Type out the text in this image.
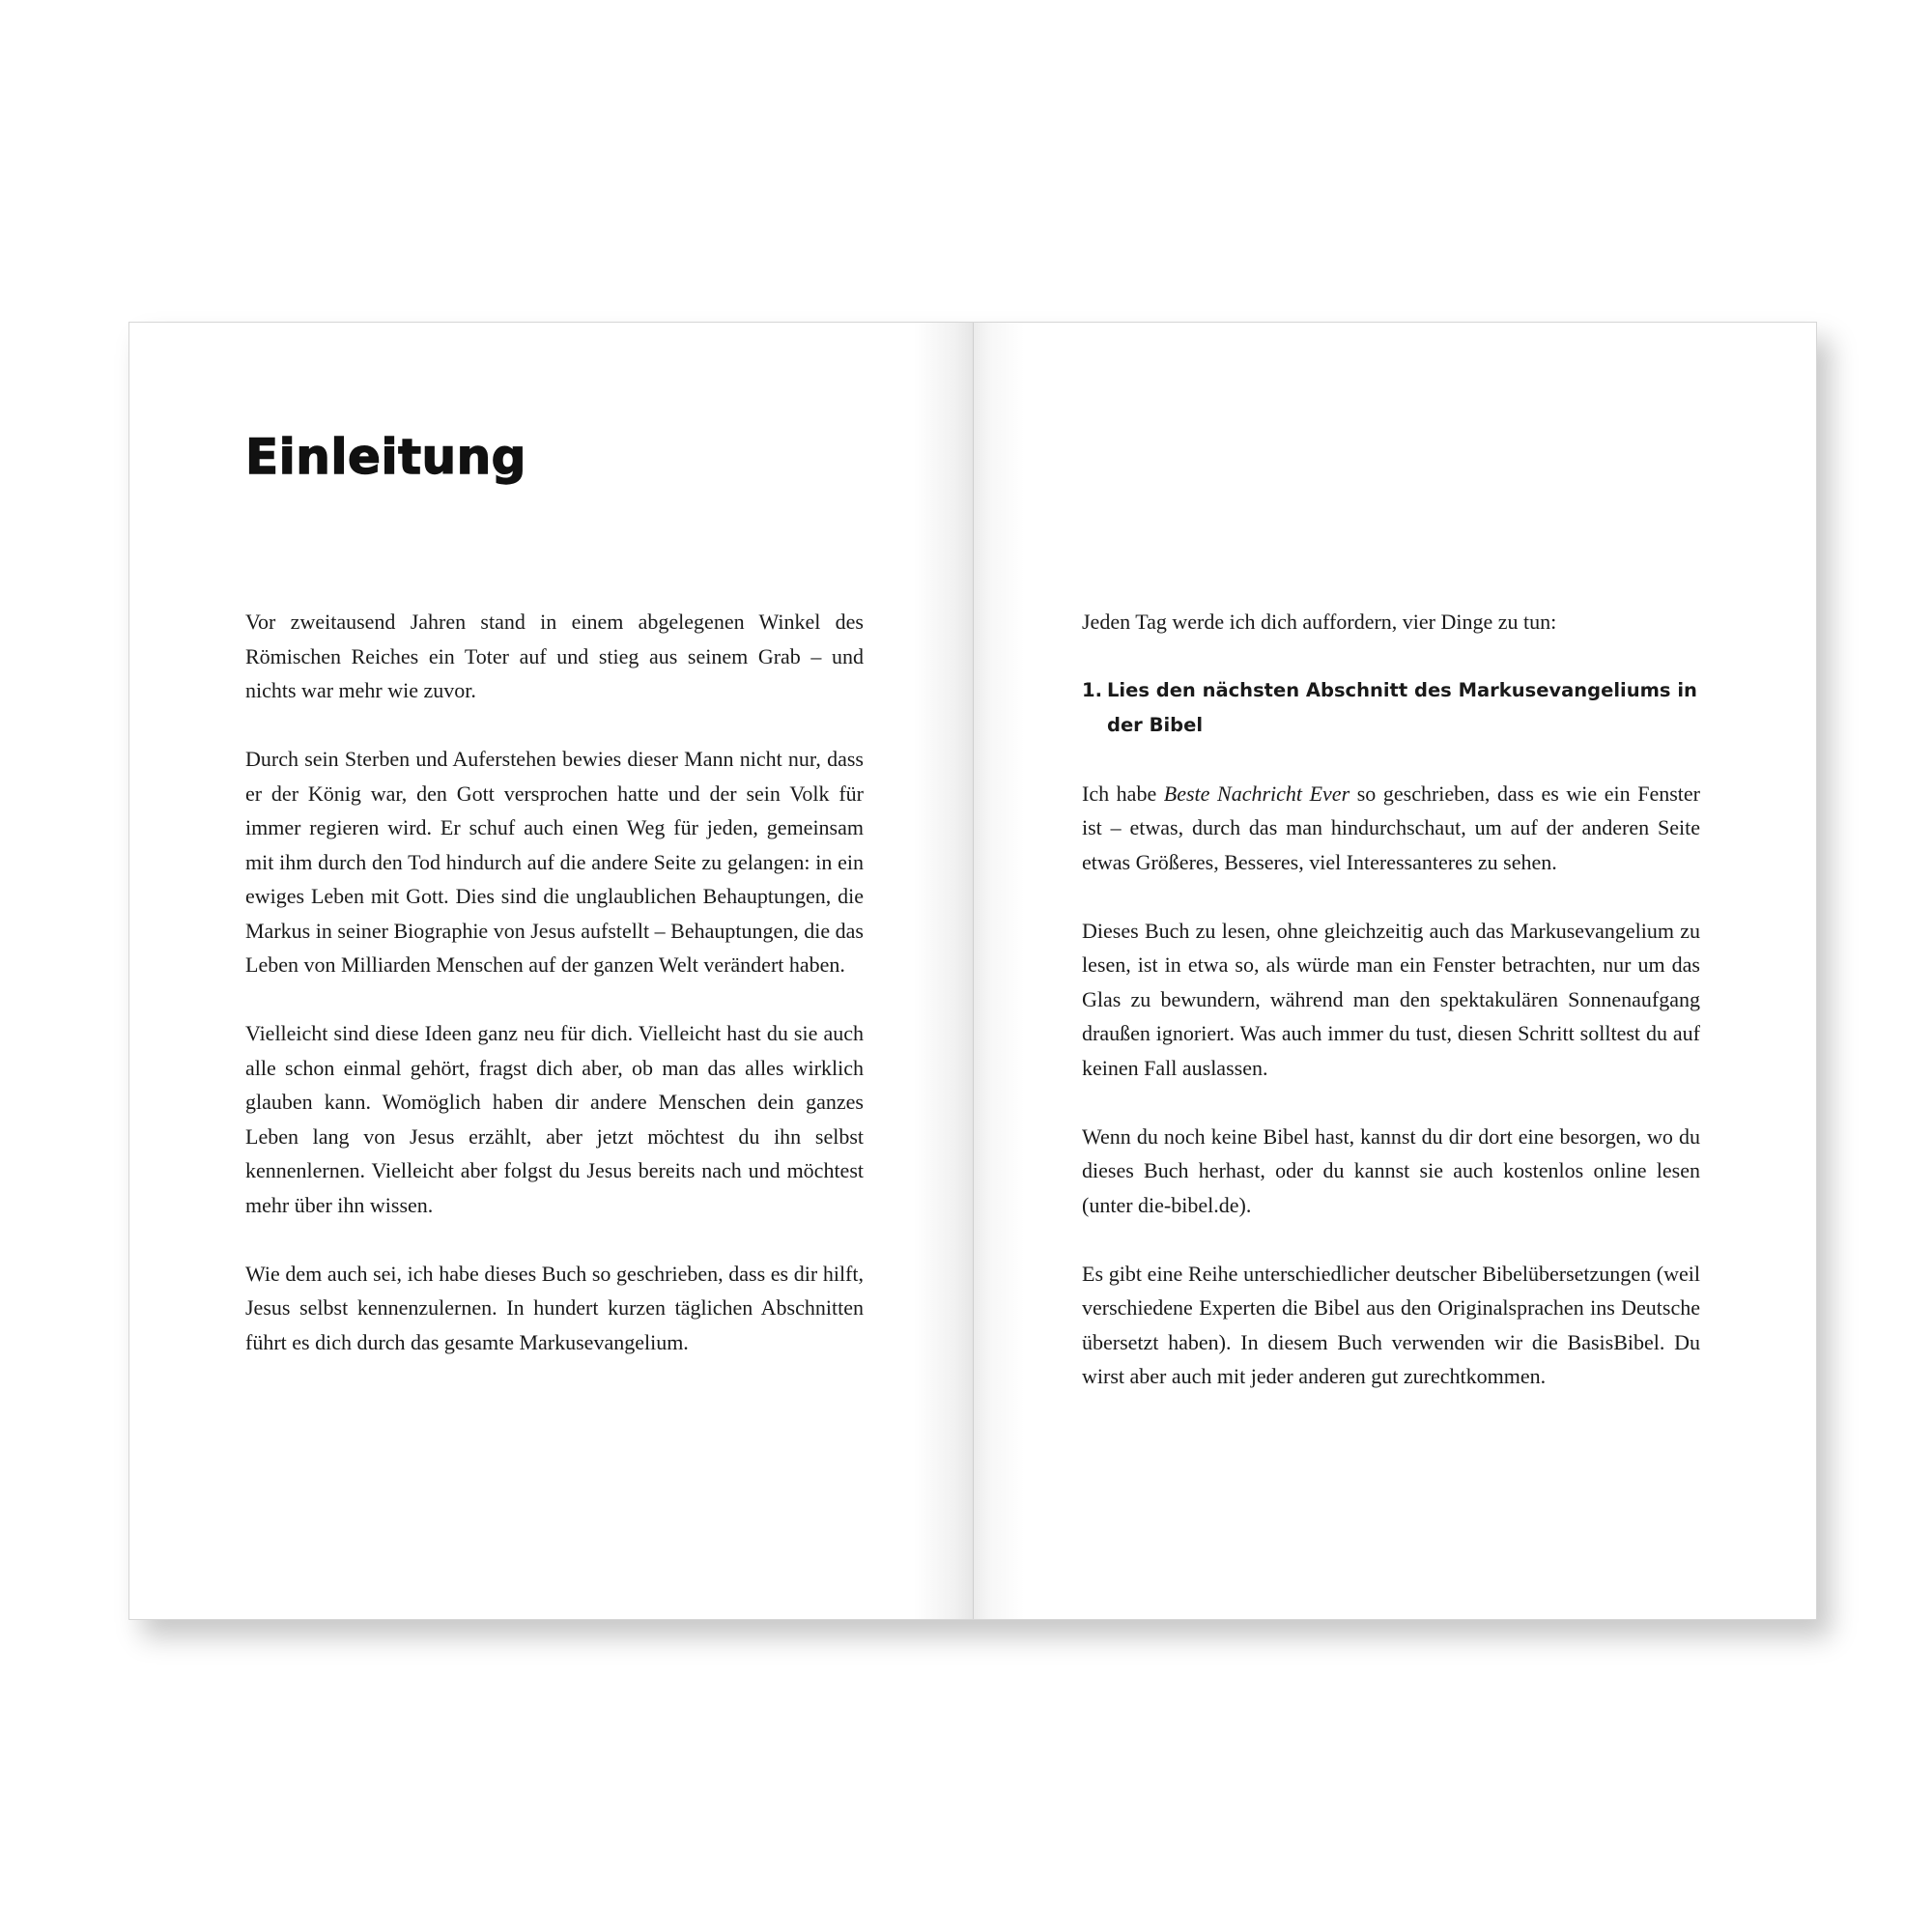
Einleitung

Vor zweitausend Jahren stand in einem abgelegenen Winkel des Römischen Reiches ein Toter auf und stieg aus seinem Grab – und nichts war mehr wie zuvor.

Durch sein Sterben und Auferstehen bewies dieser Mann nicht nur, dass er der König war, den Gott versprochen hatte und der sein Volk für immer regieren wird. Er schuf auch einen Weg für jeden, gemeinsam mit ihm durch den Tod hindurch auf die andere Seite zu gelangen: in ein ewiges Leben mit Gott. Dies sind die unglaublichen Behauptungen, die Markus in seiner Biographie von Jesus aufstellt – Behauptungen, die das Leben von Milliarden Menschen auf der ganzen Welt verändert haben.

Vielleicht sind diese Ideen ganz neu für dich. Vielleicht hast du sie auch alle schon einmal gehört, fragst dich aber, ob man das alles wirklich glauben kann. Womöglich haben dir andere Menschen dein ganzes Leben lang von Jesus erzählt, aber jetzt möchtest du ihn selbst kennenlernen. Vielleicht aber folgst du Jesus bereits nach und möchtest mehr über ihn wissen.

Wie dem auch sei, ich habe dieses Buch so geschrieben, dass es dir hilft, Jesus selbst kennenzulernen. In hundert kurzen täglichen Abschnitten führt es dich durch das gesamte Markusevangelium.

Jeden Tag werde ich dich auffordern, vier Dinge zu tun:

1. Lies den nächsten Abschnitt des Markusevangeliums in der Bibel

Ich habe Beste Nachricht Ever so geschrieben, dass es wie ein Fenster ist – etwas, durch das man hindurchschaut, um auf der anderen Seite etwas Größeres, Besseres, viel Interessanteres zu sehen.

Dieses Buch zu lesen, ohne gleichzeitig auch das Markusevangelium zu lesen, ist in etwa so, als würde man ein Fenster betrachten, nur um das Glas zu bewundern, während man den spektakulären Sonnenaufgang draußen ignoriert. Was auch immer du tust, diesen Schritt solltest du auf keinen Fall auslassen.

Wenn du noch keine Bibel hast, kannst du dir dort eine besorgen, wo du dieses Buch herhast, oder du kannst sie auch kostenlos online lesen (unter die-bibel.de).

Es gibt eine Reihe unterschiedlicher deutscher Bibelübersetzungen (weil verschiedene Experten die Bibel aus den Originalsprachen ins Deutsche übersetzt haben). In diesem Buch verwenden wir die BasisBibel. Du wirst aber auch mit jeder anderen gut zurechtkommen.
